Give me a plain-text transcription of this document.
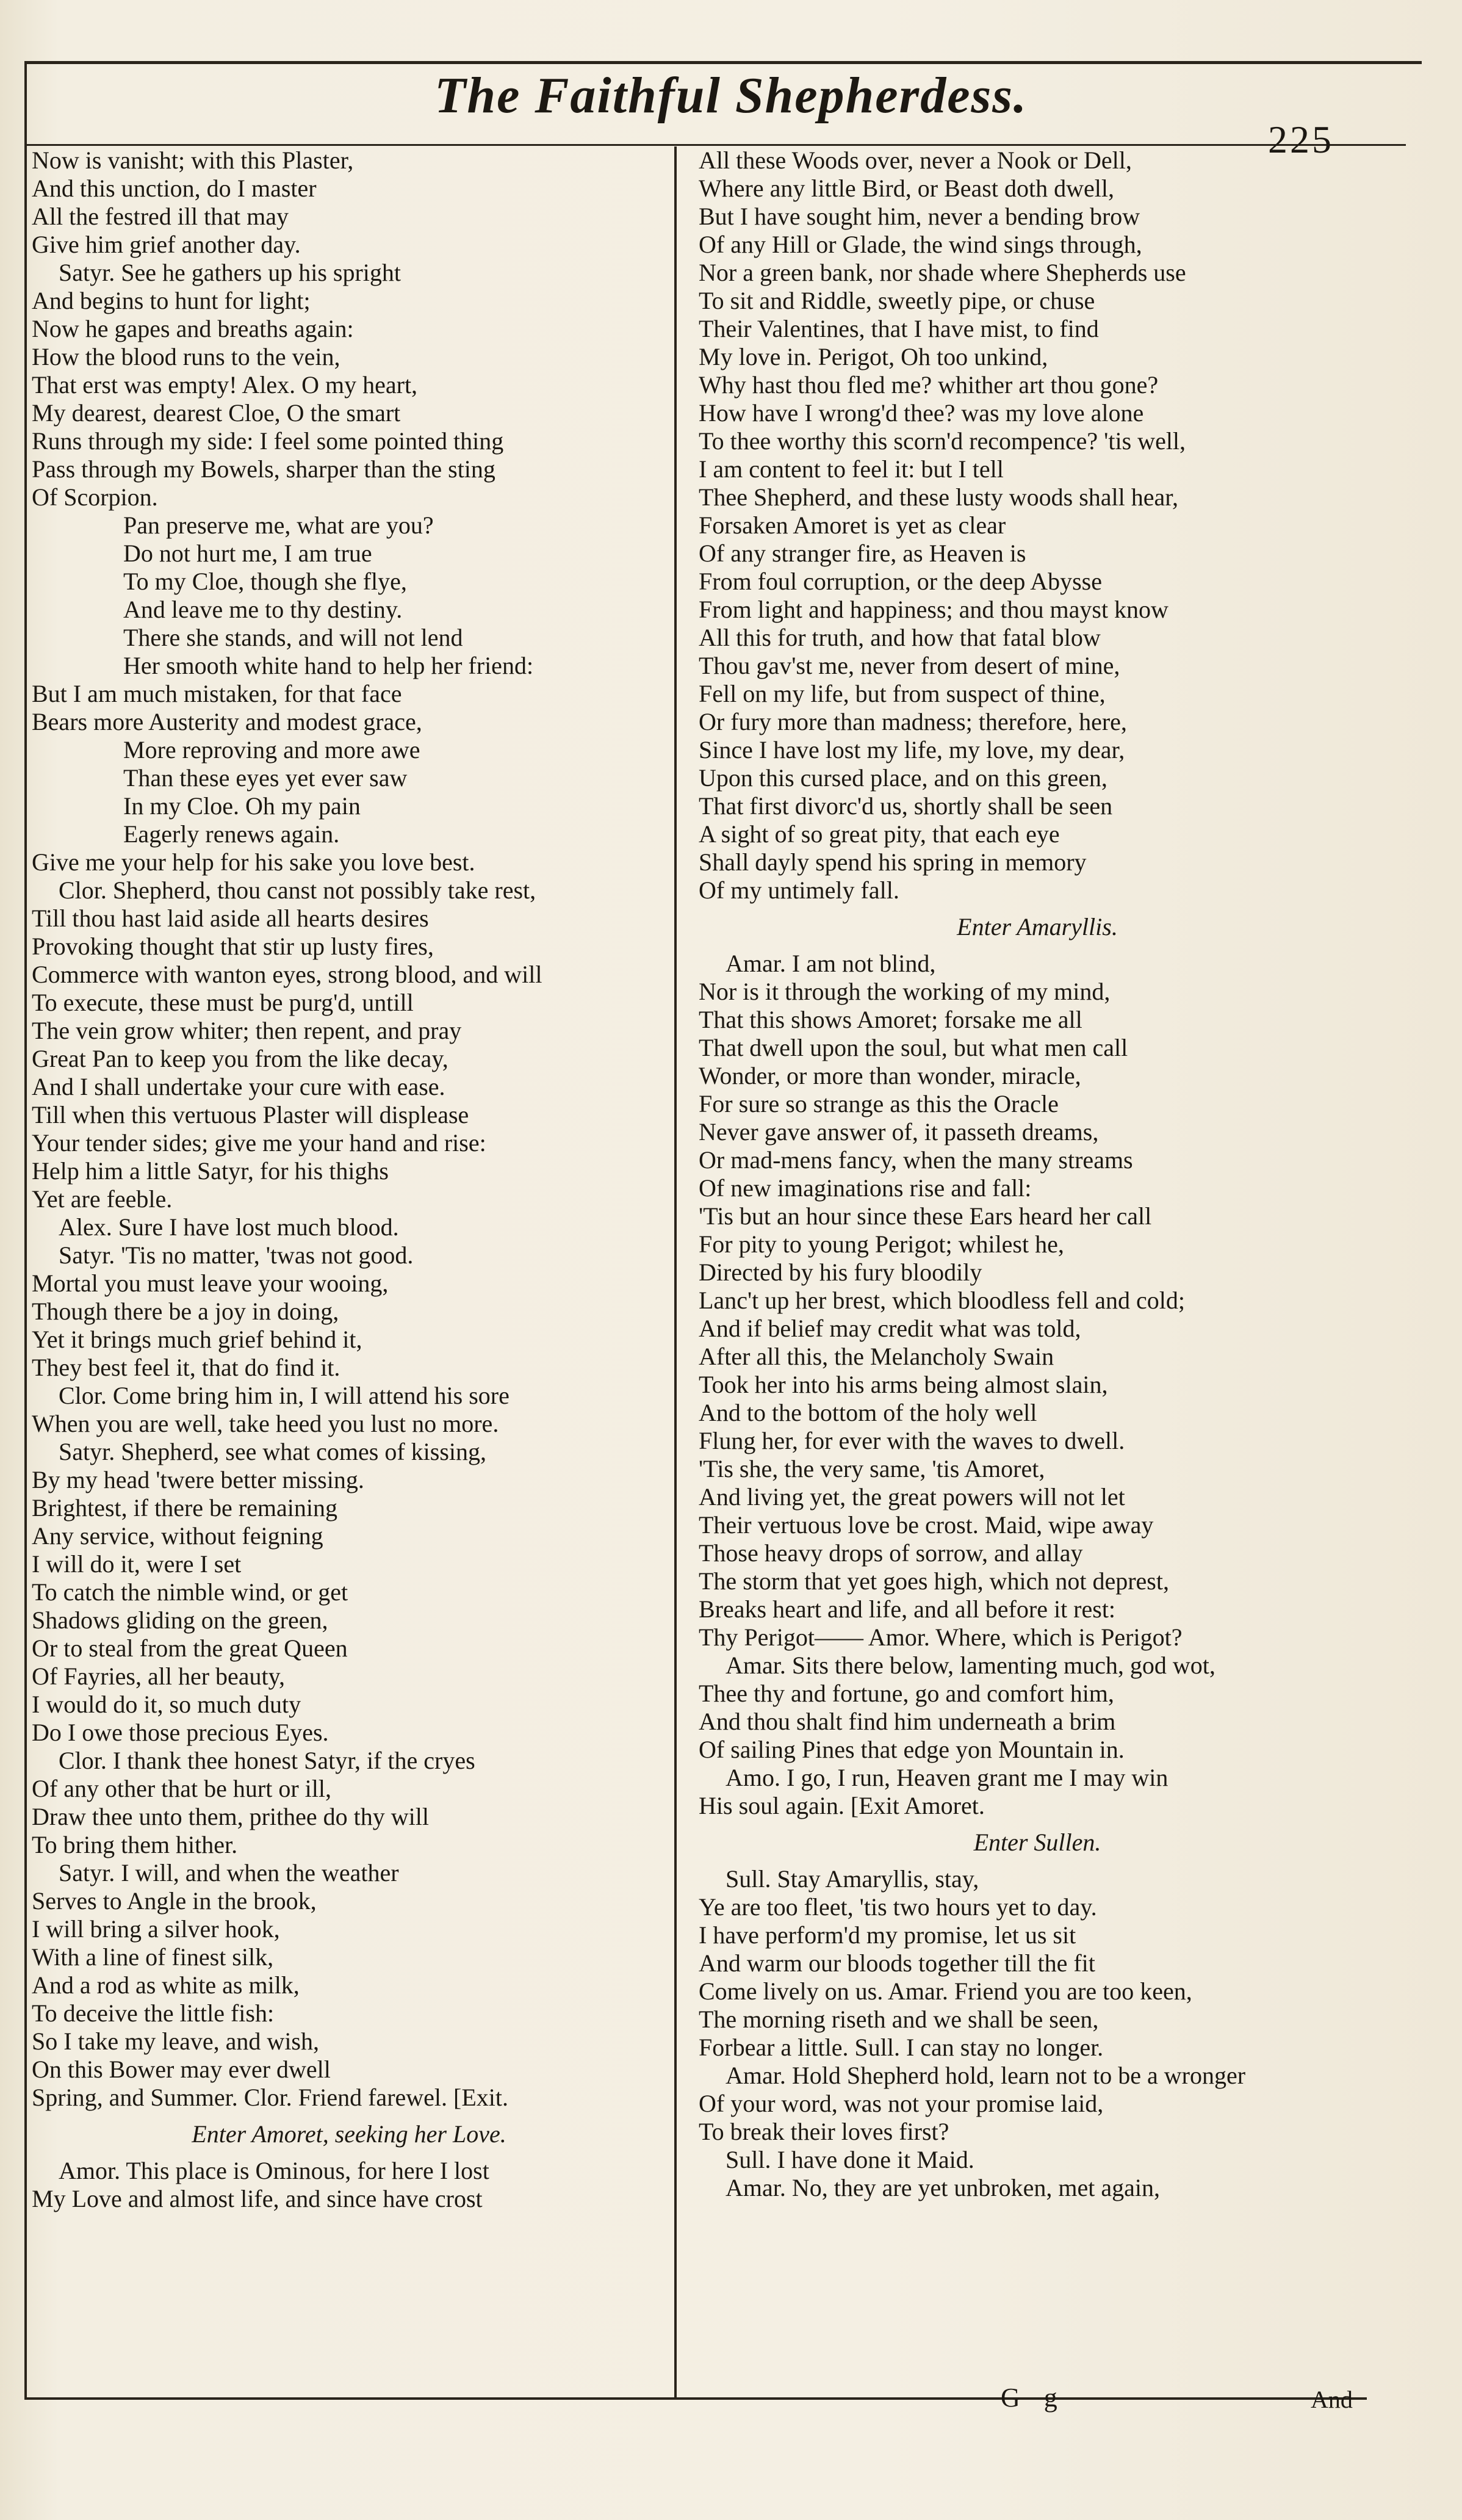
The Faithful Shepherdess.
225
Now is vanisht; with this Plaster,
And this unction, do I master
All the festred ill that may
Give him grief another day.
Satyr. See he gathers up his spright
And begins to hunt for light;
Now he gapes and breaths again:
How the blood runs to the vein,
That erst was empty! Alex. O my heart,
My dearest, dearest Cloe, O the smart
Runs through my side: I feel some pointed thing
Pass through my Bowels, sharper than the sting
Of Scorpion.
Pan preserve me, what are you?
Do not hurt me, I am true
To my Cloe, though she flye,
And leave me to thy destiny.
There she stands, and will not lend
Her smooth white hand to help her friend:
But I am much mistaken, for that face
Bears more Austerity and modest grace,
More reproving and more awe
Than these eyes yet ever saw
In my Cloe. Oh my pain
Eagerly renews again.
Give me your help for his sake you love best.
Clor. Shepherd, thou canst not possibly take rest,
Till thou hast laid aside all hearts desires
Provoking thought that stir up lusty fires,
Commerce with wanton eyes, strong blood, and will
To execute, these must be purg'd, untill
The vein grow whiter; then repent, and pray
Great Pan to keep you from the like decay,
And I shall undertake your cure with ease.
Till when this vertuous Plaster will displease
Your tender sides; give me your hand and rise:
Help him a little Satyr, for his thighs
Yet are feeble.
Alex. Sure I have lost much blood.
Satyr. 'Tis no matter, 'twas not good.
Mortal you must leave your wooing,
Though there be a joy in doing,
Yet it brings much grief behind it,
They best feel it, that do find it.
Clor. Come bring him in, I will attend his sore
When you are well, take heed you lust no more.
Satyr. Shepherd, see what comes of kissing,
By my head 'twere better missing.
Brightest, if there be remaining
Any service, without feigning
I will do it, were I set
To catch the nimble wind, or get
Shadows gliding on the green,
Or to steal from the great Queen
Of Fayries, all her beauty,
I would do it, so much duty
Do I owe those precious Eyes.
Clor. I thank thee honest Satyr, if the cryes
Of any other that be hurt or ill,
Draw thee unto them, prithee do thy will
To bring them hither.
Satyr. I will, and when the weather
Serves to Angle in the brook,
I will bring a silver hook,
With a line of finest silk,
And a rod as white as milk,
To deceive the little fish:
So I take my leave, and wish,
On this Bower may ever dwell
Spring, and Summer. Clor. Friend farewel. [Exit.
Enter Amoret, seeking her Love.
Amor. This place is Ominous, for here I lost
My Love and almost life, and since have crost
All these Woods over, never a Nook or Dell,
Where any little Bird, or Beast doth dwell,
But I have sought him, never a bending brow
Of any Hill or Glade, the wind sings through,
Nor a green bank, nor shade where Shepherds use
To sit and Riddle, sweetly pipe, or chuse
Their Valentines, that I have mist, to find
My love in. Perigot, Oh too unkind,
Why hast thou fled me? whither art thou gone?
How have I wrong'd thee? was my love alone
To thee worthy this scorn'd recompence? 'tis well,
I am content to feel it: but I tell
Thee Shepherd, and these lusty woods shall hear,
Forsaken Amoret is yet as clear
Of any stranger fire, as Heaven is
From foul corruption, or the deep Abysse
From light and happiness; and thou mayst know
All this for truth, and how that fatal blow
Thou gav'st me, never from desert of mine,
Fell on my life, but from suspect of thine,
Or fury more than madness; therefore, here,
Since I have lost my life, my love, my dear,
Upon this cursed place, and on this green,
That first divorc'd us, shortly shall be seen
A sight of so great pity, that each eye
Shall dayly spend his spring in memory
Of my untimely fall.
Enter Amaryllis.
Amar. I am not blind,
Nor is it through the working of my mind,
That this shows Amoret; forsake me all
That dwell upon the soul, but what men call
Wonder, or more than wonder, miracle,
For sure so strange as this the Oracle
Never gave answer of, it passeth dreams,
Or mad-mens fancy, when the many streams
Of new imaginations rise and fall:
'Tis but an hour since these Ears heard her call
For pity to young Perigot; whilest he,
Directed by his fury bloodily
Lanc't up her brest, which bloodless fell and cold;
And if belief may credit what was told,
After all this, the Melancholy Swain
Took her into his arms being almost slain,
And to the bottom of the holy well
Flung her, for ever with the waves to dwell.
'Tis she, the very same, 'tis Amoret,
And living yet, the great powers will not let
Their vertuous love be crost. Maid, wipe away
Those heavy drops of sorrow, and allay
The storm that yet goes high, which not deprest,
Breaks heart and life, and all before it rest:
Thy Perigot—— Amor. Where, which is Perigot?
Amar. Sits there below, lamenting much, god wot,
Thee thy and fortune, go and comfort him,
And thou shalt find him underneath a brim
Of sailing Pines that edge yon Mountain in.
Amo. I go, I run, Heaven grant me I may win
His soul again. [Exit Amoret.
Enter Sullen.
Sull. Stay Amaryllis, stay,
Ye are too fleet, 'tis two hours yet to day.
I have perform'd my promise, let us sit
And warm our bloods together till the fit
Come lively on us. Amar. Friend you are too keen,
The morning riseth and we shall be seen,
Forbear a little. Sull. I can stay no longer.
Amar. Hold Shepherd hold, learn not to be a wronger
Of your word, was not your promise laid,
To break their loves first?
Sull. I have done it Maid.
Amar. No, they are yet unbroken, met again,
G g	And
